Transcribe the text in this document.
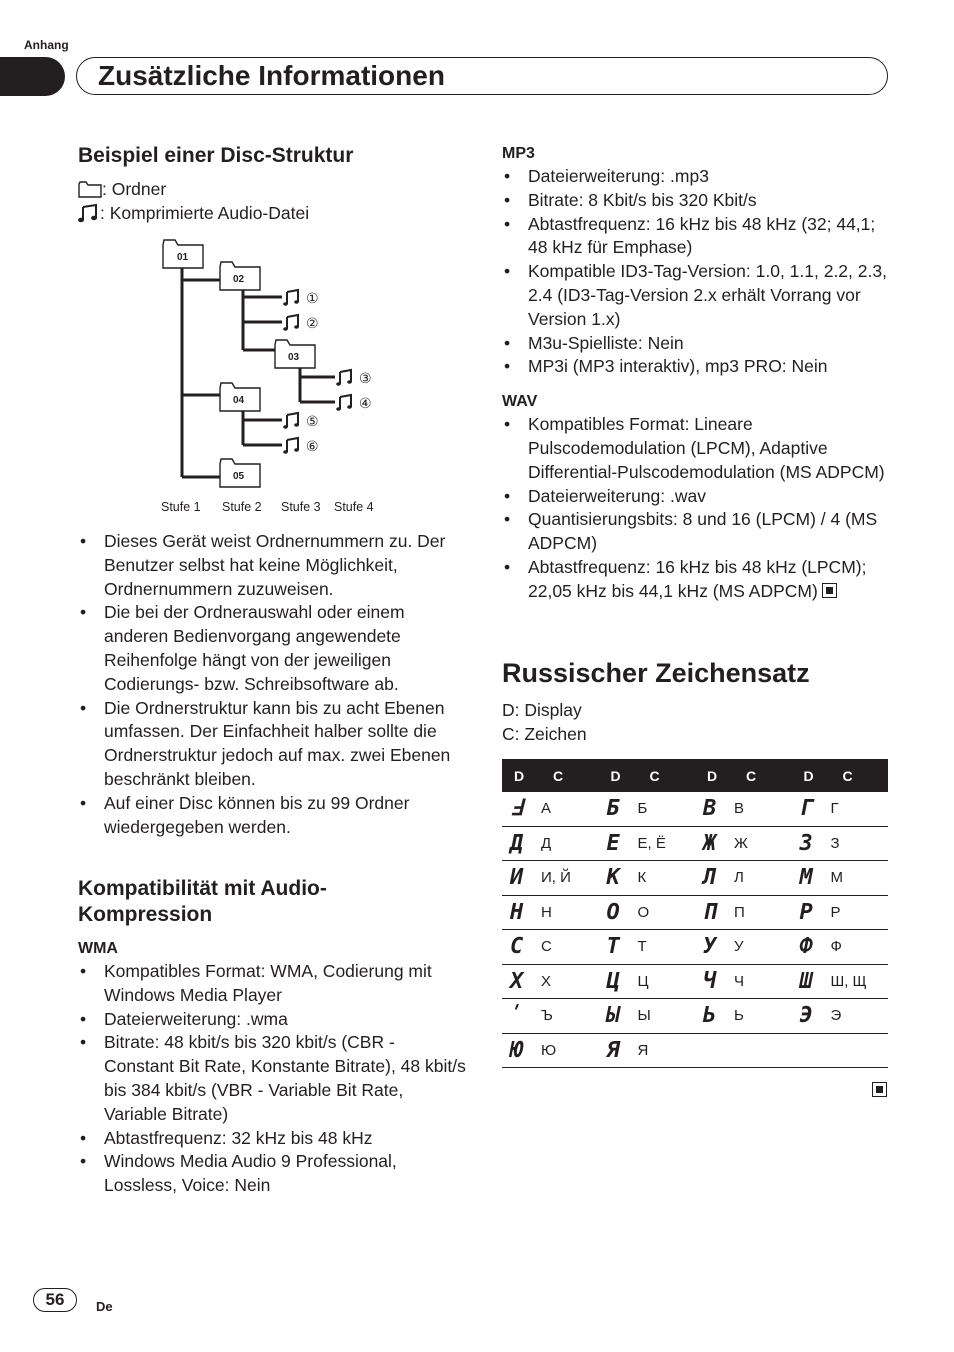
Anhang
Zusätzliche Informationen
Beispiel einer Disc-Struktur
: Ordner
: Komprimierte Audio-Datei
01
02
03
04
05
①
②
③
④
⑤
⑥
Stufe 1 Stufe 2 Stufe 3 Stufe 4
• Dieses Gerät weist Ordnernummern zu. Der Benutzer selbst hat keine Möglichkeit, Ordnernummern zuzuweisen.
• Die bei der Ordnerauswahl oder einem anderen Bedienvorgang angewendete Reihenfolge hängt von der jeweiligen Codierungs- bzw. Schreibsoftware ab.
• Die Ordnerstruktur kann bis zu acht Ebenen umfassen. Der Einfachheit halber sollte die Ordnerstruktur jedoch auf max. zwei Ebenen beschränkt bleiben.
• Auf einer Disc können bis zu 99 Ordner wiedergegeben werden.
Kompatibilität mit Audio-Kompression
WMA
• Kompatibles Format: WMA, Codierung mit Windows Media Player
• Dateierweiterung: .wma
• Bitrate: 48 kbit/s bis 320 kbit/s (CBR - Constant Bit Rate, Konstante Bitrate), 48 kbit/s bis 384 kbit/s (VBR - Variable Bit Rate, Variable Bitrate)
• Abtastfrequenz: 32 kHz bis 48 kHz
• Windows Media Audio 9 Professional, Lossless, Voice: Nein
MP3
• Dateierweiterung: .mp3
• Bitrate: 8 Kbit/s bis 320 Kbit/s
• Abtastfrequenz: 16 kHz bis 48 kHz (32; 44,1; 48 kHz für Emphase)
• Kompatible ID3-Tag-Version: 1.0, 1.1, 2.2, 2.3, 2.4 (ID3-Tag-Version 2.x erhält Vorrang vor Version 1.x)
• M3u-Spielliste: Nein
• MP3i (MP3 interaktiv), mp3 PRO: Nein
WAV
• Kompatibles Format: Lineare Pulscodemodulation (LPCM), Adaptive Differential-Pulscodemodulation (MS ADPCM)
• Dateierweiterung: .wav
• Quantisierungsbits: 8 und 16 (LPCM) / 4 (MS ADPCM)
• Abtastfrequenz: 16 kHz bis 48 kHz (LPCM); 22,05 kHz bis 44,1 kHz (MS ADPCM)
Russischer Zeichensatz
D: Display
C: Zeichen
D	C	D	C	D	C	D	C
Ⅎ	А	Б	Б	В	В	Г	Г
Д	Д	Е	Е, Ё	Ж	Ж	З	З
И	И, Й	К	К	Л	Л	М	М
Н	Н	О	О	П	П	Р	Р
С	С	Т	Т	У	У	Ф	Ф
Х	Х	Ц	Ц	Ч	Ч	Ш	Ш, Щ
ʹ	Ъ	Ы	Ы	Ь	Ь	Э	Э
Ю	Ю	Я	Я				
56	De
